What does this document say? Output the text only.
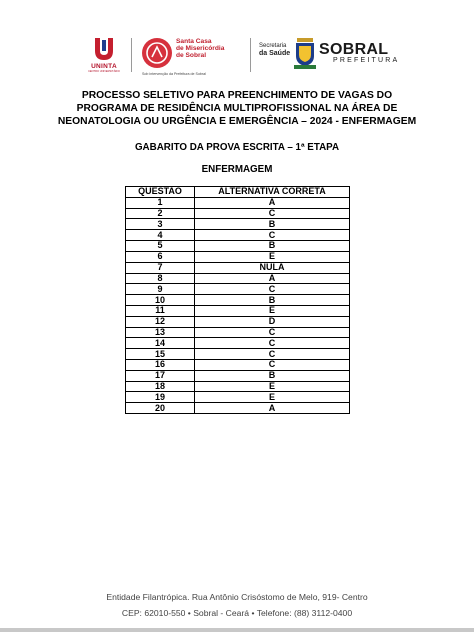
UNINTA
CENTRO UNIVERSITÁRIO
Santa Casa
de Misericórdia
de Sobral
Sob intervenção da Prefeitura de Sobral
Secretaria
da Saúde SOBRAL
PREFEITURA
PROCESSO SELETIVO PARA PREENCHIMENTO DE VAGAS DO
PROGRAMA DE RESIDÊNCIA MULTIPROFISSIONAL NA ÁREA DE
NEONATOLOGIA OU URGÊNCIA E EMERGÊNCIA – 2024 - ENFERMAGEM
GABARITO DA PROVA ESCRITA – 1ª ETAPA
ENFERMAGEM
QUESTAO	ALTERNATIVA CORRETA
1	A
2	C
3	B
4	C
5	B
6	E
7	NULA
8	A
9	C
10	B
11	E
12	D
13	C
14	C
15	C
16	C
17	B
18	E
19	E
20	A
Entidade Filantrópica. Rua Antônio Crisóstomo de Melo, 919- Centro
CEP: 62010-550 • Sobral - Ceará • Telefone: (88) 3112-0400
